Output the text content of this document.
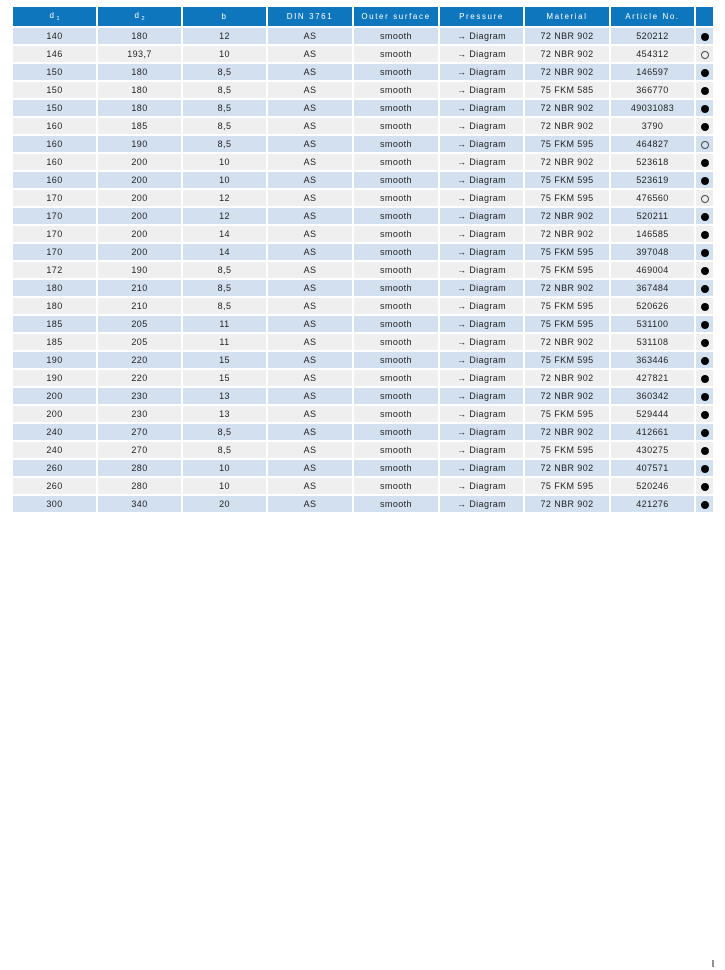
$d_1$	$d_2$	b	DIN 3761	Outer surface	Pressure	Material	Article No.	
140	180	12	AS	smooth	→ Diagram	72 NBR 902	520212	
146	193,7	10	AS	smooth	→ Diagram	72 NBR 902	454312	
150	180	8,5	AS	smooth	→ Diagram	72 NBR 902	146597	
150	180	8,5	AS	smooth	→ Diagram	75 FKM 585	366770	
150	180	8,5	AS	smooth	→ Diagram	72 NBR 902	49031083	
160	185	8,5	AS	smooth	→ Diagram	72 NBR 902	3790	
160	190	8,5	AS	smooth	→ Diagram	75 FKM 595	464827	
160	200	10	AS	smooth	→ Diagram	72 NBR 902	523618	
160	200	10	AS	smooth	→ Diagram	75 FKM 595	523619	
170	200	12	AS	smooth	→ Diagram	75 FKM 595	476560	
170	200	12	AS	smooth	→ Diagram	72 NBR 902	520211	
170	200	14	AS	smooth	→ Diagram	72 NBR 902	146585	
170	200	14	AS	smooth	→ Diagram	75 FKM 595	397048	
172	190	8,5	AS	smooth	→ Diagram	75 FKM 595	469004	
180	210	8,5	AS	smooth	→ Diagram	72 NBR 902	367484	
180	210	8,5	AS	smooth	→ Diagram	75 FKM 595	520626	
185	205	11	AS	smooth	→ Diagram	75 FKM 595	531100	
185	205	11	AS	smooth	→ Diagram	72 NBR 902	531108	
190	220	15	AS	smooth	→ Diagram	75 FKM 595	363446	
190	220	15	AS	smooth	→ Diagram	72 NBR 902	427821	
200	230	13	AS	smooth	→ Diagram	72 NBR 902	360342	
200	230	13	AS	smooth	→ Diagram	75 FKM 595	529444	
240	270	8,5	AS	smooth	→ Diagram	72 NBR 902	412661	
240	270	8,5	AS	smooth	→ Diagram	75 FKM 595	430275	
260	280	10	AS	smooth	→ Diagram	72 NBR 902	407571	
260	280	10	AS	smooth	→ Diagram	75 FKM 595	520246	
300	340	20	AS	smooth	→ Diagram	72 NBR 902	421276	
